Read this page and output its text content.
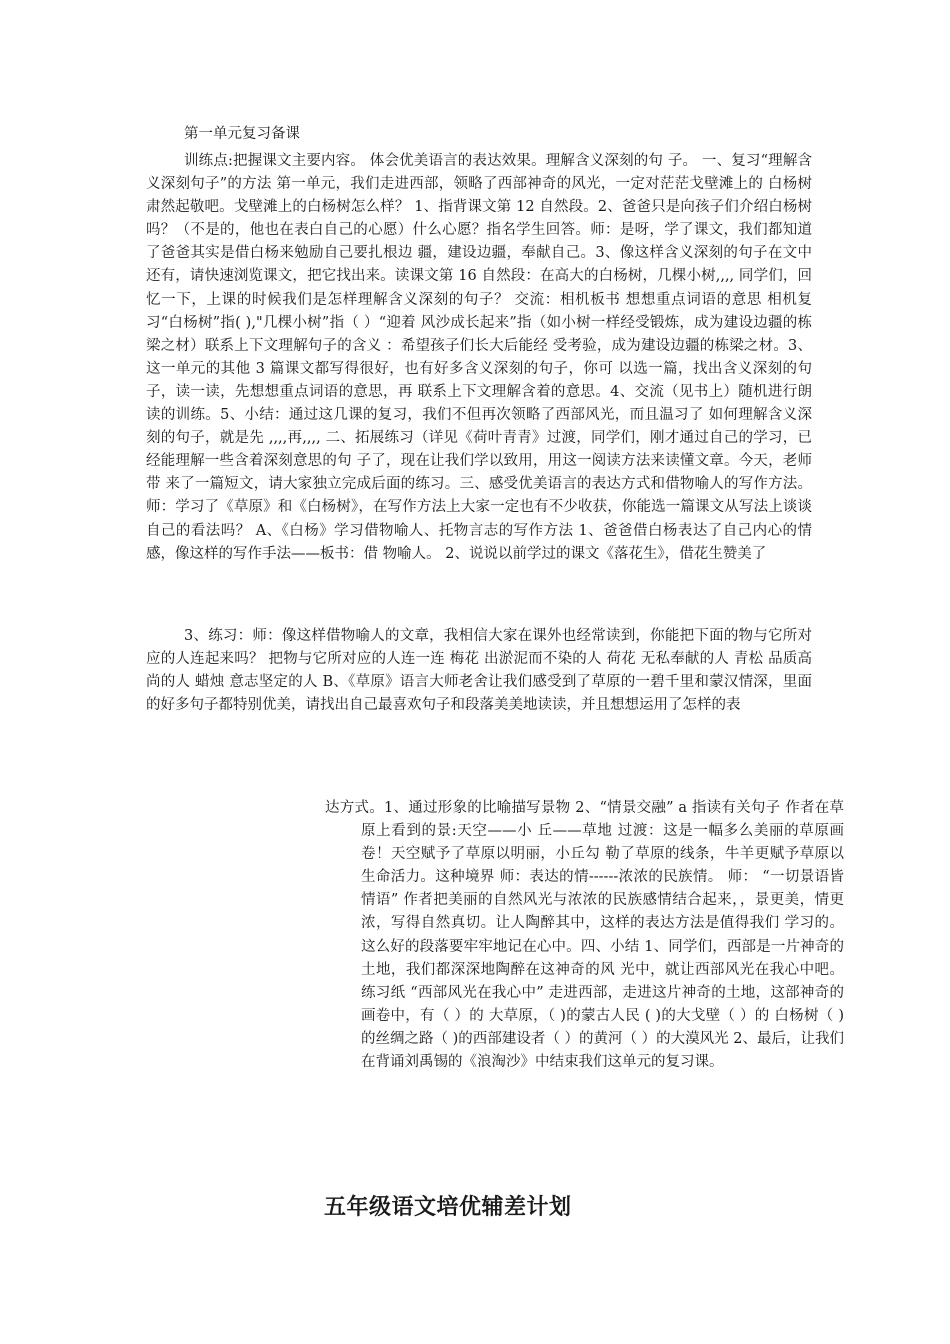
第一单元复习备课

训练点:把握课文主要内容。 体会优美语言的表达效果。理解含义深刻的句 子。 一、复习“理解含义深刻句子”的方法 第一单元，我们走进西部，领略了西部神奇的风光，一定对茫茫戈壁滩上的 白杨树肃然起敬吧。戈壁滩上的白杨树怎么样？ 1、指背课文第 12 自然段。2、爸爸只是向孩子们介绍白杨树吗？（不是的，他也在表白自己的心愿）什么心愿？指名学生回答。师：是呀，学了课文，我们都知道了爸爸其实是借白杨来勉励自己要扎根边 疆，建设边疆，奉献自己。3、像这样含义深刻的句子在文中还有，请快速浏览课文，把它找出来。读课文第 16 自然段：在高大的白杨树，几棵小树,,,, 同学们，回忆一下，上课的时候我们是怎样理解含义深刻的句子？ 交流：相机板书 想想重点词语的意思 相机复习“白杨树”指( ),"几棵小树”指（ ）“迎着 风沙成长起来”指（如小树一样经受锻炼，成为建设边疆的栋梁之材）联系上下文理解句子的含义 ：希望孩子们长大后能经 受考验，成为建设边疆的栋梁之材。3、这一单元的其他 3 篇课文都写得很好，也有好多含义深刻的句子，你可 以选一篇，找出含义深刻的句子，读一读，先想想重点词语的意思，再 联系上下文理解含着的意思。4、交流（见书上）随机进行朗读的训练。5、小结：通过这几课的复习，我们不但再次领略了西部风光，而且温习了 如何理解含义深刻的句子，就是先 ,,,,再,,,, 二、拓展练习（详见《荷叶青青》过渡，同学们，刚才通过自己的学习，已经能理解一些含着深刻意思的句 子了，现在让我们学以致用，用这一阅读方法来读懂文章。今天，老师带 来了一篇短文，请大家独立完成后面的练习。三、感受优美语言的表达方式和借物喻人的写作方法。师：学习了《草原》和《白杨树》，在写作方法上大家一定也有不少收获，你能选一篇课文从写法上谈谈自己的看法吗？ A、《白杨》学习借物喻人、托物言志的写作方法 1、爸爸借白杨表达了自己内心的情感，像这样的写作手法——板书：借 物喻人。 2、说说以前学过的课文《落花生》，借花生赞美了

3、练习：师：像这样借物喻人的文章，我相信大家在课外也经常读到，你能把下面的物与它所对应的人连起来吗？ 把物与它所对应的人连一连 梅花 出淤泥而不染的人 荷花 无私奉献的人 青松 品质高尚的人 蜡烛 意志坚定的人 B、《草原》语言大师老舍让我们感受到了草原的一碧千里和蒙汉情深，里面的好多句子都特别优美，请找出自己最喜欢句子和段落美美地读读，并且想想运用了怎样的表

达方式。1、通过形象的比喻描写景物 2、“情景交融” a 指读有关句子 作者在草原上看到的景:天空——小 丘——草地 过渡：这是一幅多么美丽的草原画卷！天空赋予了草原以明丽，小丘勾 勒了草原的线条，牛羊更赋予草原以生命活力。这种境界 师：表达的情------浓浓的民族情。 师： “一切景语皆情语” 作者把美丽的自然风光与浓浓的民族感情结合起来，，景更美，情更浓，写得自然真切。让人陶醉其中，这样的表达方法是值得我们 学习的。这么好的段落要牢牢地记在心中。四、小结 1、同学们，西部是一片神奇的土地，我们都深深地陶醉在这神奇的风 光中，就让西部风光在我心中吧。 练习纸 “西部风光在我心中” 走进西部，走进这片神奇的土地，这部神奇的画卷中，有（ ）的 大草原，（ )的蒙古人民 ( )的大戈壁（ ）的 白杨树（ )的丝绸之路（ )的西部建设者（ ）的黄河（ ）的大漠风光 2、最后，让我们在背诵刘禹锡的《浪淘沙》中结束我们这单元的复习课。

五年级语文培优辅差计划
